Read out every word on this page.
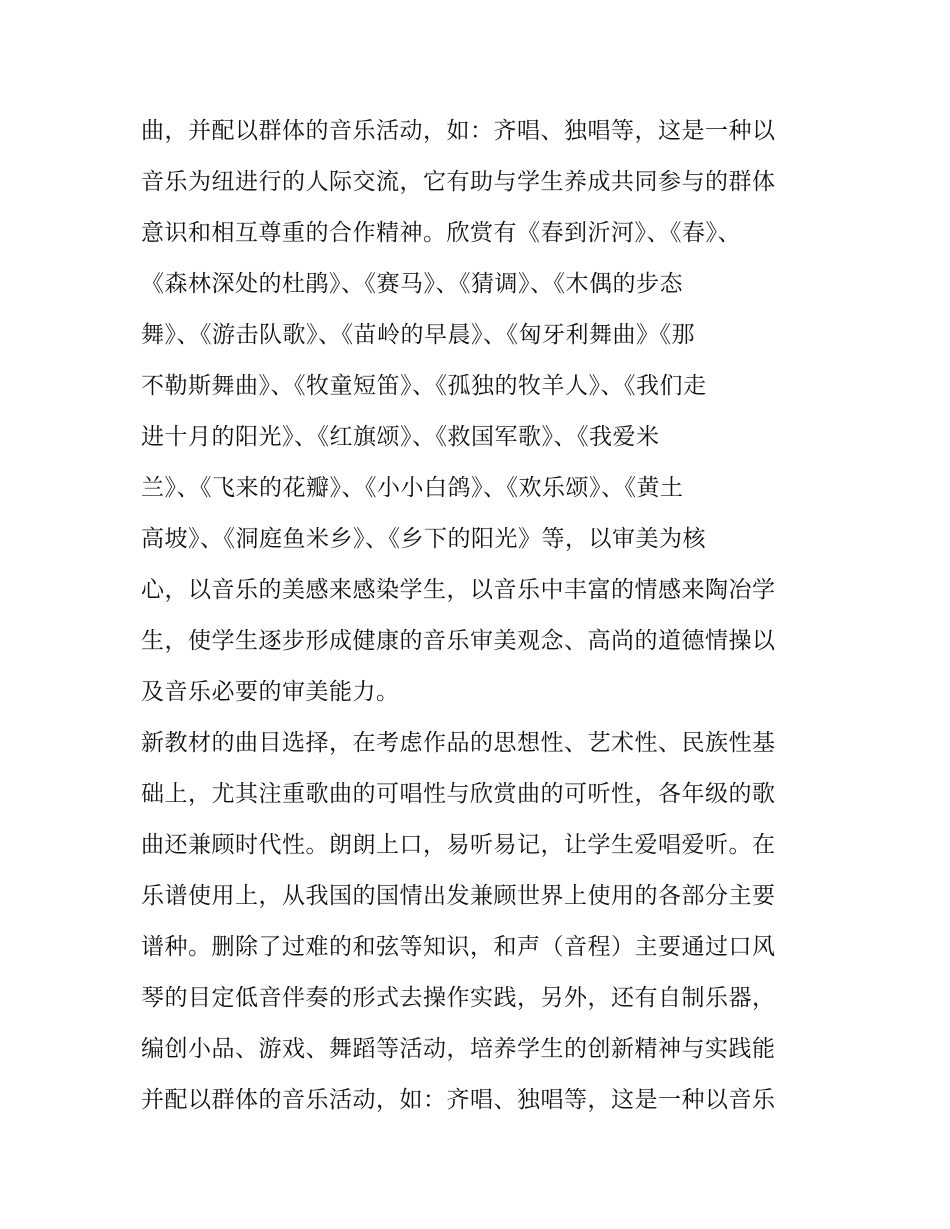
曲，并配以群体的音乐活动，如：齐唱、独唱等，这是一种以
音乐为纽进行的人际交流，它有助与学生养成共同参与的群体
意识和相互尊重的合作精神。欣赏有《春到沂河》、《春》、
《森林深处的杜鹃》、《赛马》、《猜调》、《木偶的步态
舞》、《游击队歌》、《苗岭的早晨》、《匈牙利舞曲》《那
不勒斯舞曲》、《牧童短笛》、《孤独的牧羊人》、《我们走
进十月的阳光》、《红旗颂》、《救国军歌》、《我爱米
兰》、《飞来的花瓣》、《小小白鸽》、《欢乐颂》、《黄土
高坡》、《洞庭鱼米乡》、《乡下的阳光》等，以审美为核
心，以音乐的美感来感染学生，以音乐中丰富的情感来陶冶学
生，使学生逐步形成健康的音乐审美观念、高尚的道德情操以
及音乐必要的审美能力。
新教材的曲目选择，在考虑作品的思想性、艺术性、民族性基
础上，尤其注重歌曲的可唱性与欣赏曲的可听性，各年级的歌
曲还兼顾时代性。朗朗上口，易听易记，让学生爱唱爱听。在
乐谱使用上，从我国的国情出发兼顾世界上使用的各部分主要
谱种。删除了过难的和弦等知识，和声（音程）主要通过口风
琴的目定低音伴奏的形式去操作实践，另外，还有自制乐器，
编创小品、游戏、舞蹈等活动，培养学生的创新精神与实践能
并配以群体的音乐活动，如：齐唱、独唱等，这是一种以音乐
